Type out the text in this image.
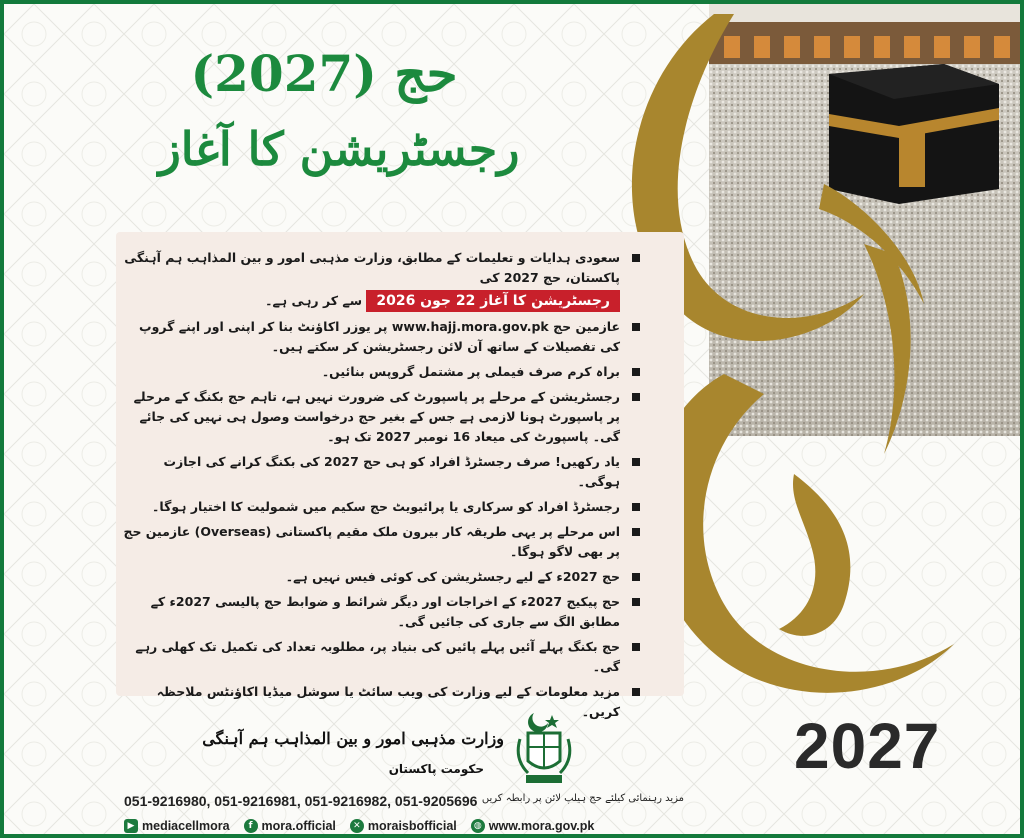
حج (2027)
رجسٹریشن کا آغاز
سعودی ہدایات و تعلیمات کے مطابق، وزارت مذہبی امور و بین المذاہب ہم آہنگی پاکستان، حج 2027 کی
رجسٹریشن کا آغاز 22 جون 2026 سے کر رہی ہے۔
عازمین حج www.hajj.mora.gov.pk پر یوزر اکاؤنٹ بنا کر اپنی اور اپنے گروپ کی تفصیلات کے ساتھ آن لائن رجسٹریشن کر سکتے ہیں۔
براہ کرم صرف فیملی پر مشتمل گروپس بنائیں۔
رجسٹریشن کے مرحلے پر پاسپورٹ کی ضرورت نہیں ہے، تاہم حج بکنگ کے مرحلے پر پاسپورٹ ہونا لازمی ہے جس کے بغیر حج درخواست وصول ہی نہیں کی جائے گی۔ پاسپورٹ کی میعاد 16 نومبر 2027 تک ہو۔
یاد رکھیں! صرف رجسٹرڈ افراد کو ہی حج 2027 کی بکنگ کرانے کی اجازت ہوگی۔
رجسٹرڈ افراد کو سرکاری یا پرائیویٹ حج سکیم میں شمولیت کا اختیار ہوگا۔
اس مرحلے پر یہی طریقہ کار بیرون ملک مقیم پاکستانی (Overseas) عازمین حج پر بھی لاگو ہوگا۔
حج 2027ء کے لیے رجسٹریشن کی کوئی فیس نہیں ہے۔
حج پیکیج 2027ء کے اخراجات اور دیگر شرائط و ضوابط حج پالیسی 2027ء کے مطابق الگ سے جاری کی جائیں گی۔
حج بکنگ پہلے آئیں پہلے پائیں کی بنیاد پر، مطلوبہ تعداد کی تکمیل تک کھلی رہے گی۔
مزید معلومات کے لیے وزارت کی ویب سائٹ یا سوشل میڈیا اکاؤنٹس ملاحظہ کریں۔	2027
وزارت مذہبی امور و بین المذاہب ہم آہنگی
حکومت پاکستان
051-9216980, 051-9216981, 051-9216982, 051-9205696 مزید رہنمائی کیلئے حج ہیلپ لائن پر رابطہ کریں
▶ mediacellmora	f mora.official	✕ moraisbofficial	◍ www.mora.gov.pk
